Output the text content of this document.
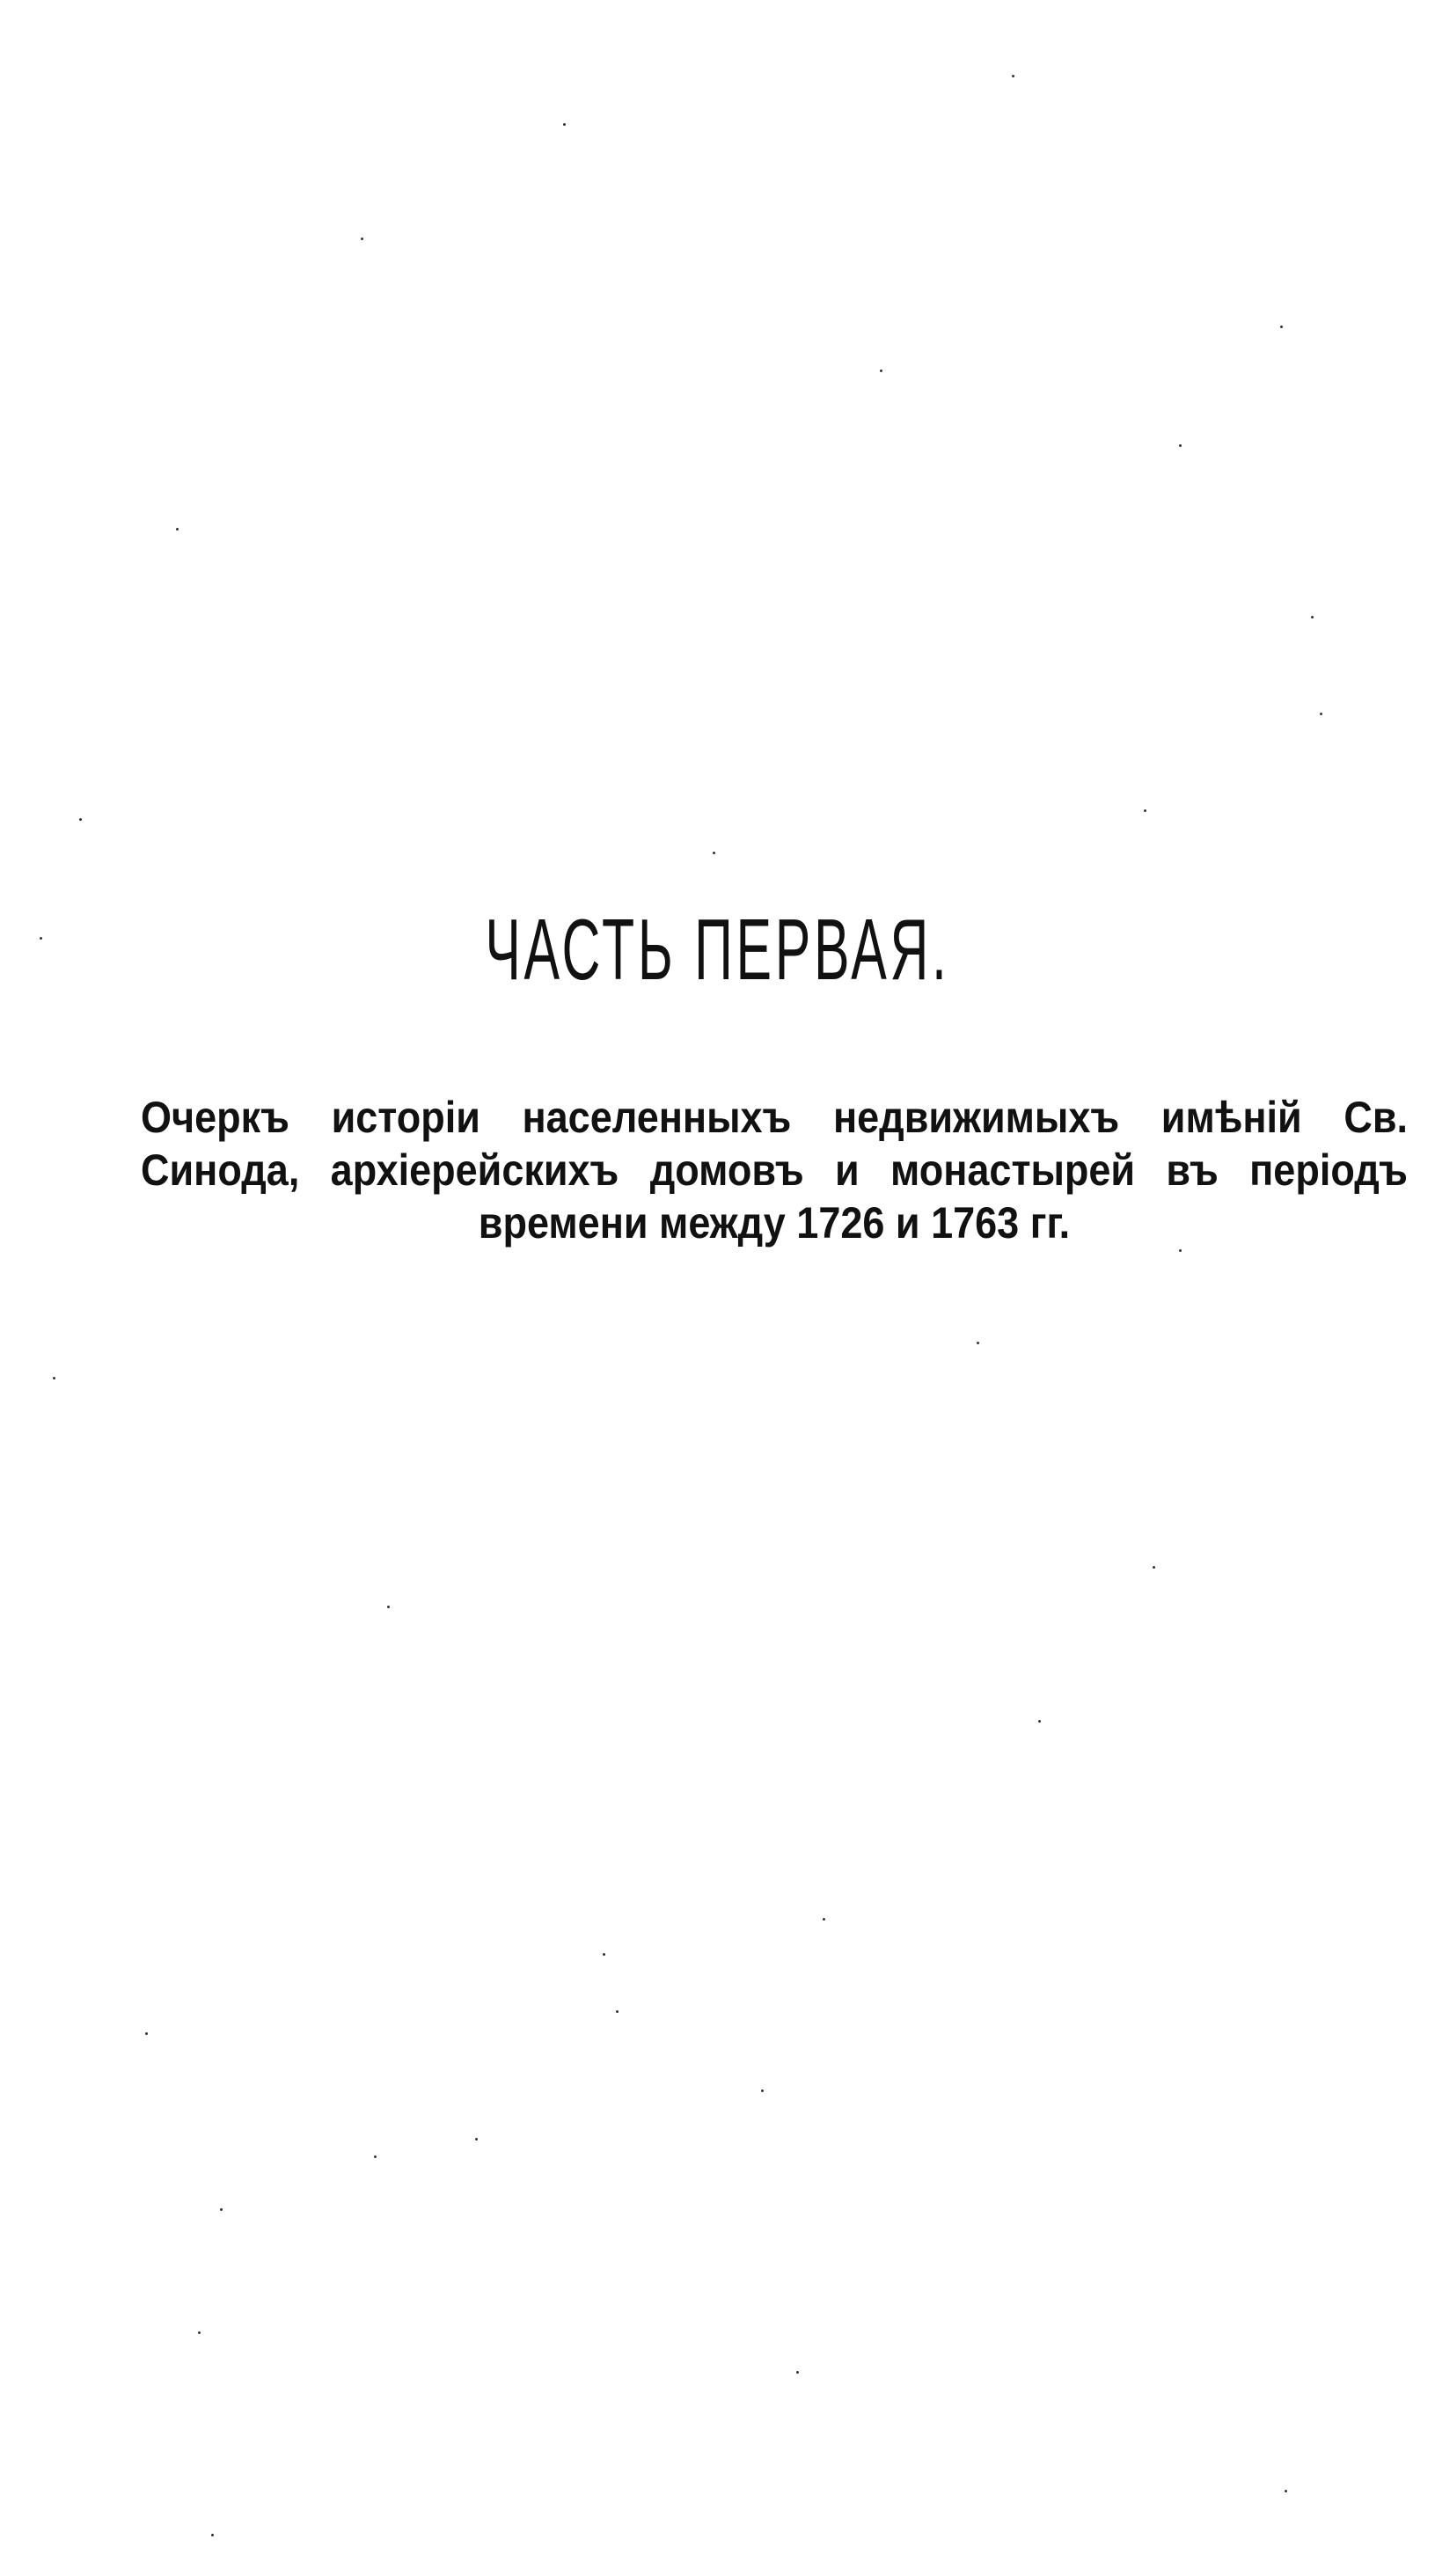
ЧАСТЬ ПЕРВАЯ.
Очеркъ исторіи населенныхъ недвижимыхъ имѣній Св.
Синода, архіерейскихъ домовъ и монастырей въ періодъ
времени между 1726 и 1763 гг.
